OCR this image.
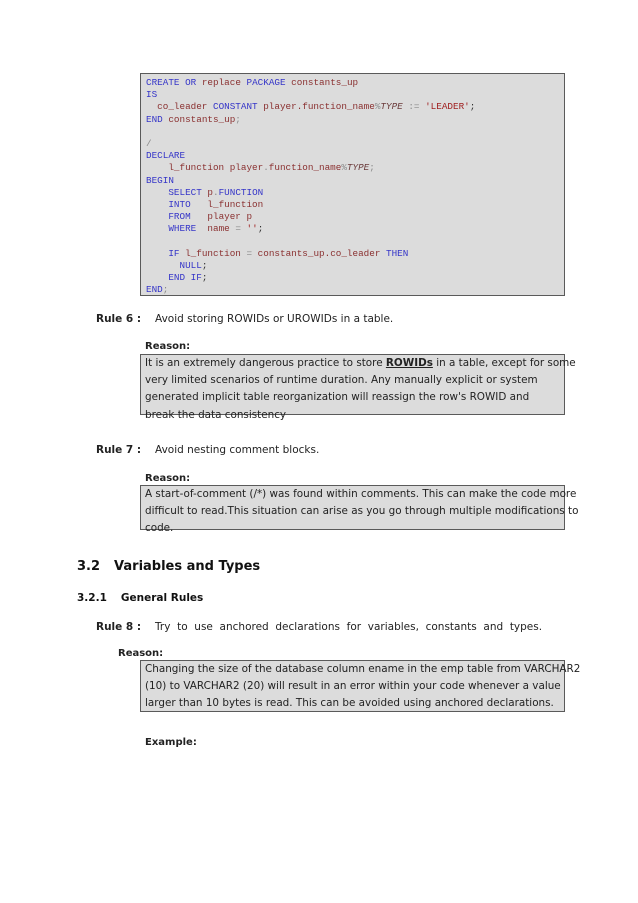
CREATE OR replace PACKAGE constants_up
IS
co_leader CONSTANT player.function_name%TYPE := 'LEADER';
END constants_up;
/
DECLARE
l_function player.function_name%TYPE;
BEGIN
SELECT p.FUNCTION
INTO l_function
FROM player p
WHERE name = '';
IF l_function = constants_up.co_leader THEN
NULL;
END IF;
END;
Rule 6 : Avoid storing ROWIDs or UROWIDs in a table.
Reason:
It is an extremely dangerous practice to store ROWIDs in a table, except for some
very limited scenarios of runtime duration. Any manually explicit or system
generated implicit table reorganization will reassign the row's ROWID and
break the data consistency
Rule 7 : Avoid nesting comment blocks.
Reason:
A start-of-comment (/*) was found within comments. This can make the code more
difficult to read.This situation can arise as you go through multiple modifications to
code.
3.2 Variables and Types
3.2.1 General Rules
Rule 8 : Try  to  use  anchored  declarations  for  variables,  constants  and  types.
Reason:
Changing the size of the database column ename in the emp table from VARCHAR2
(10) to VARCHAR2 (20) will result in an error within your code whenever a value
larger than 10 bytes is read. This can be avoided using anchored declarations.
Example:
